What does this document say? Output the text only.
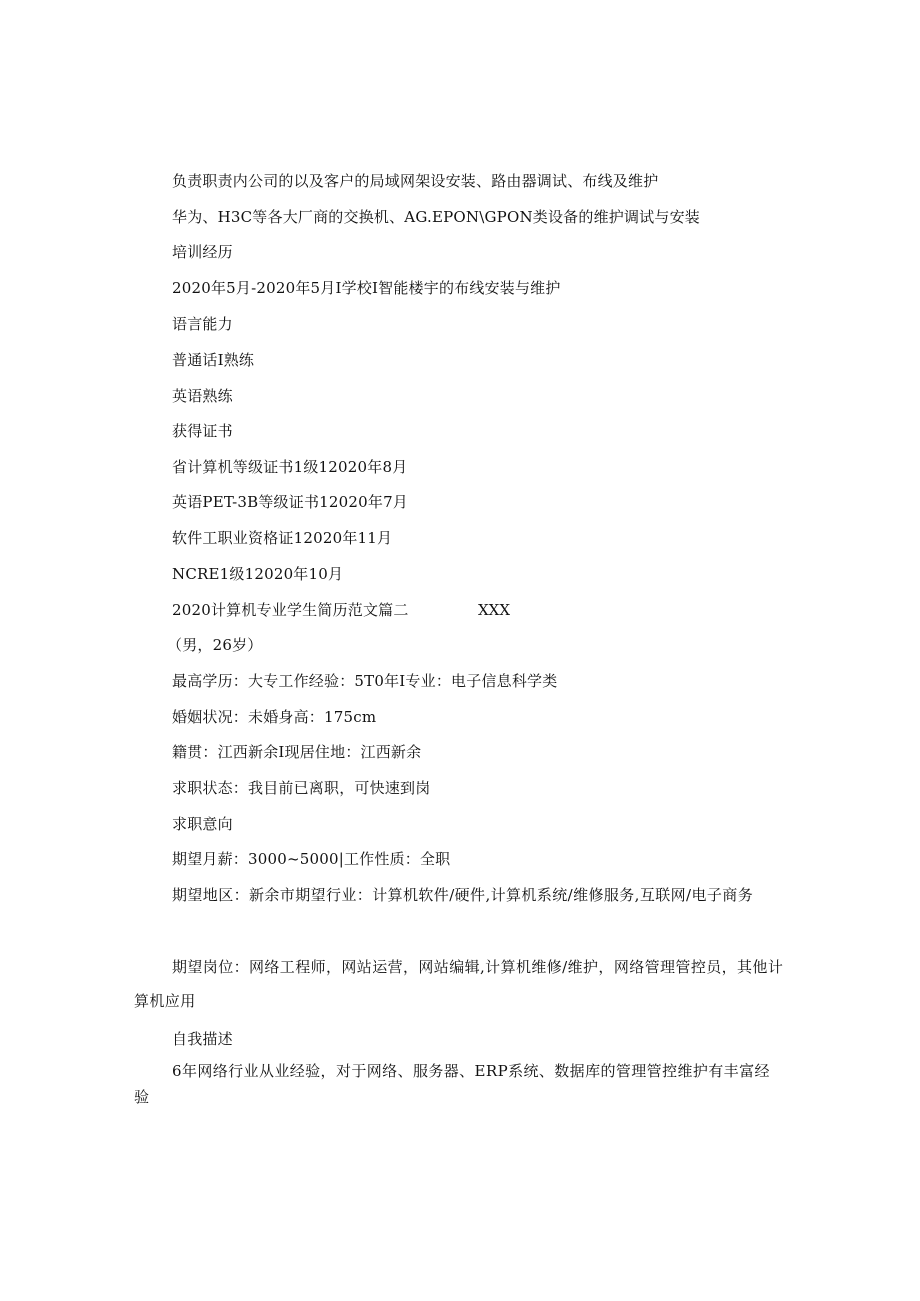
负责职责内公司的以及客户的局域网架设安装、路由器调试、布线及维护
华为、H3C等各大厂商的交换机、AG.EPON\GPON类设备的维护调试与安装
培训经历
2020年5月-2020年5月I学校I智能楼宇的布线安装与维护
语言能力
普通话I熟练
英语熟练
获得证书
省计算机等级证书1级12020年8月
英语PET-3B等级证书12020年7月
软件工职业资格证12020年11月
NCRE1级12020年10月
2020计算机专业学生简历范文篇二	XXX
（男，26岁）
最高学历：大专工作经验：5T0年I专业：电子信息科学类
婚姻状况：未婚身高：175cm
籍贯：江西新余I现居住地：江西新余
求职状态：我目前已离职，可快速到岗
求职意向
期望月薪：3000~5000|工作性质：全职
期望地区：新余市期望行业：计算机软件/硬件,计算机系统/维修服务,互联网/电子商务
期望岗位：网络工程师，网站运营，网站编辑,计算机维修/维护，网络管理管控员，其他计算机应用
自我描述
6年网络行业从业经验，对于网络、服务器、ERP系统、数据库的管理管控维护有丰富经验
